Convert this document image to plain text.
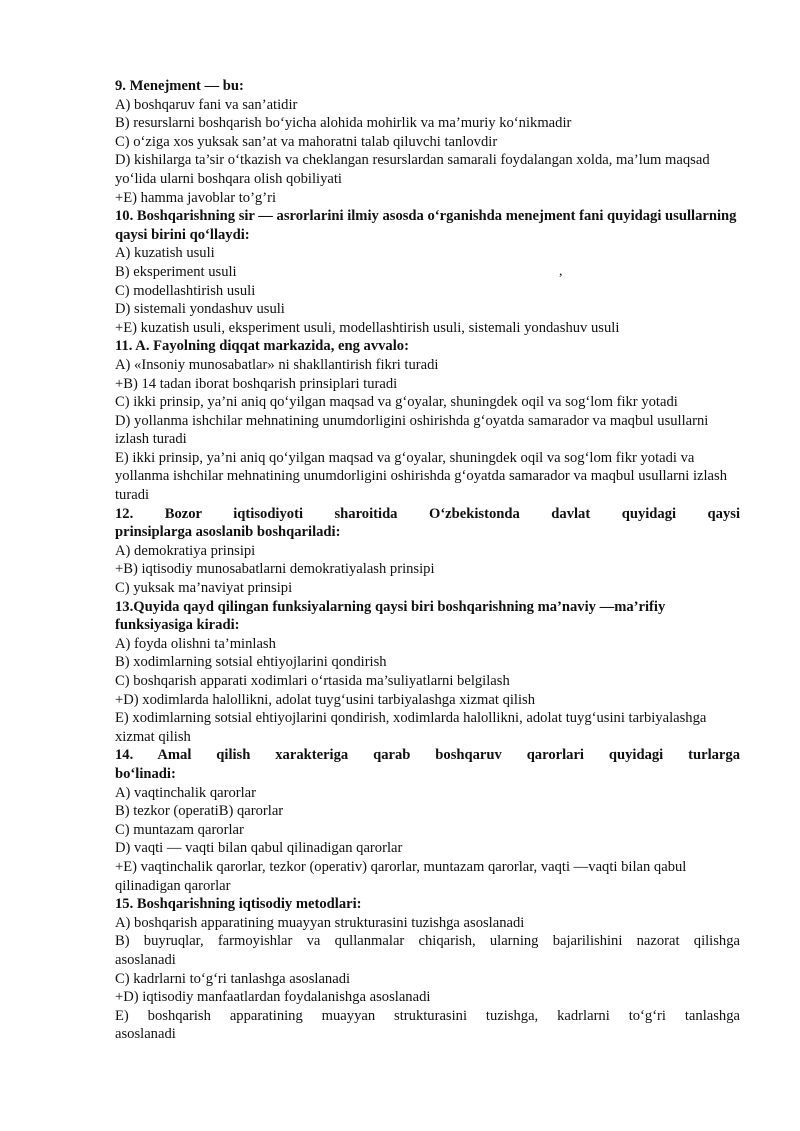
9. Menejment — bu:
A) boshqaruv fani va san’atidir
B) resurslarni boshqarish bo‘yicha alohida mohirlik va ma’muriy ko‘nikmadir
C) o‘ziga xos yuksak san’at va mahoratni talab qiluvchi tanlovdir
D) kishilarga ta’sir o‘tkazish va cheklangan resurslardan samarali foydalangan xolda, ma’lum maqsad yo‘lida ularni boshqara olish qobiliyati
+E) hamma javoblar to’g’ri
10. Boshqarishning sir — asrorlarini ilmiy asosda o‘rganishda menejment fani quyidagi usullarning qaysi birini qo‘llaydi:
A) kuzatish usuli
B) eksperiment usuli
C) modellashtirish usuli
D) sistemali yondashuv usuli
+E) kuzatish usuli, eksperiment usuli, modellashtirish usuli, sistemali yondashuv usuli
11. A. Fayolning diqqat markazida, eng avvalo:
A) «Insoniy munosabatlar» ni shakllantirish fikri turadi
+B) 14 tadan iborat boshqarish prinsiplari turadi
C) ikki prinsip, ya’ni aniq qo‘yilgan maqsad va g‘oyalar, shuningdek oqil va sog‘lom fikr yotadi
D) yollanma ishchilar mehnatining unumdorligini oshirishda g‘oyatda samarador va maqbul usullarni izlash turadi
E) ikki prinsip, ya’ni aniq qo‘yilgan maqsad va g‘oyalar, shuningdek oqil va sog‘lom fikr yotadi va yollanma ishchilar mehnatining unumdorligini oshirishda g‘oyatda samarador va maqbul usullarni izlash turadi
12. Bozor iqtisodiyoti sharoitida O‘zbekistonda davlat quyidagi qaysi
prinsiplarga asoslanib boshqariladi:
A) demokratiya prinsipi
+B) iqtisodiy munosabatlarni demokratiyalash prinsipi
C) yuksak ma’naviyat prinsipi
13.Quyida qayd qilingan funksiyalarning qaysi biri boshqarishning ma’naviy —ma’rifiy funksiyasiga kiradi:
A) foyda olishni ta’minlash
B) xodimlarning sotsial ehtiyojlarini qondirish
C) boshqarish apparati xodimlari o‘rtasida ma’suliyatlarni belgilash
+D) xodimlarda halollikni, adolat tuyg‘usini tarbiyalashga xizmat qilish
E) xodimlarning sotsial ehtiyojlarini qondirish, xodimlarda halollikni, adolat tuyg‘usini tarbiyalashga xizmat qilish
14. Amal qilish xarakteriga qarab boshqaruv qarorlari quyidagi turlarga
bo‘linadi:
A) vaqtinchalik qarorlar
B) tezkor (operatiB) qarorlar
C) muntazam qarorlar
D) vaqti — vaqti bilan qabul qilinadigan qarorlar
+E) vaqtinchalik qarorlar, tezkor (operativ) qarorlar, muntazam qarorlar, vaqti —vaqti bilan qabul qilinadigan qarorlar
15. Boshqarishning iqtisodiy metodlari:
A) boshqarish apparatining muayyan strukturasini tuzishga asoslanadi
B) buyruqlar, farmoyishlar va qullanmalar chiqarish, ularning bajarilishini nazorat qilishga
asoslanadi
C) kadrlarni to‘g‘ri tanlashga asoslanadi
+D) iqtisodiy manfaatlardan foydalanishga asoslanadi
E) boshqarish apparatining muayyan strukturasini tuzishga, kadrlarni to‘g‘ri tanlashga
asoslanadi
,
